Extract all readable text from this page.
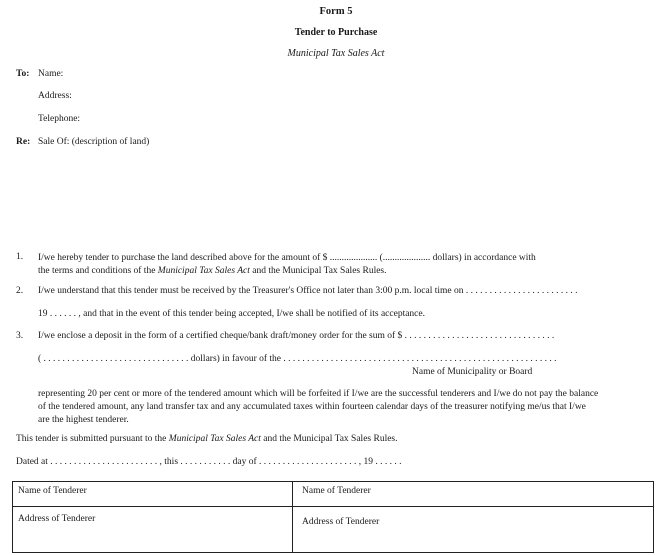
Form 5
Tender to Purchase
Municipal Tax Sales Act
To: Name:
Address:
Telephone:
Re: Sale Of: (description of land)
1. I/we hereby tender to purchase the land described above for the amount of $ .................... (.................... dollars) in accordance with
the terms and conditions of the Municipal Tax Sales Act and the Municipal Tax Sales Rules.
2. I/we understand that this tender must be received by the Treasurer's Office not later than 3:00 p.m. local time on . . . . . . . . . . . . . . . . . . . . . . . .
19 . . . . . . , and that in the event of this tender being accepted, I/we shall be notified of its acceptance.
3. I/we enclose a deposit in the form of a certified cheque/bank draft/money order for the sum of $ . . . . . . . . . . . . . . . . . . . . . . . . . . . . . . . .
( . . . . . . . . . . . . . . . . . . . . . . . . . . . . . . . dollars) in favour of the . . . . . . . . . . . . . . . . . . . . . . . . . . . . . . . . . . . . . . . . . . . . . . . . . . . . . . . . . .
Name of Municipality or Board
representing 20 per cent or more of the tendered amount which will be forfeited if I/we are the successful tenderers and I/we do not pay the balance
of the tendered amount, any land transfer tax and any accumulated taxes within fourteen calendar days of the treasurer notifying me/us that I/we
are the highest tenderer.
This tender is submitted pursuant to the Municipal Tax Sales Act and the Municipal Tax Sales Rules.
Dated at . . . . . . . . . . . . . . . . . . . . . . . , this . . . . . . . . . . . day of . . . . . . . . . . . . . . . . . . . . . , 19 . . . . . .
Name of Tenderer	Name of Tenderer
Address of Tenderer	Address of Tenderer
